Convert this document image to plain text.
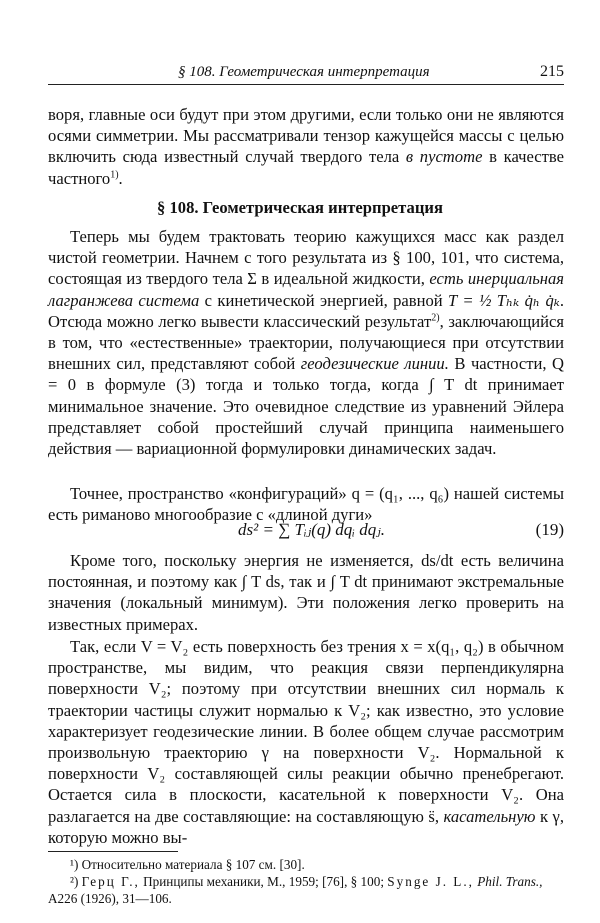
§ 108. Геометрическая интерпретация	215

воря, главные оси будут при этом другими, если только они не являются осями симметрии. Мы рассматривали тензор кажущейся массы с целью включить сюда известный случай твердого тела в пустоте в качестве частного$^{1)}$.

§ 108. Геометрическая интерпретация

Теперь мы будем трактовать теорию кажущихся масс как раздел чистой геометрии. Начнем с того результата из § 100, 101, что система, состоящая из твердого тела Σ в идеальной жидкости, есть инерциальная лагранжева система с кинетической энергией, равной T = ½ Tₕₖ q̇ₕ q̇ₖ. Отсюда можно легко вывести классический результат$^{2)}$, заключающийся в том, что «естественные» траектории, получающиеся при отсутствии внешних сил, представляют собой геодезические линии. В частности, Q = 0 в формуле (3) тогда и только тогда, когда ∫ T dt принимает минимальное значение. Это очевидное следствие из уравнений Эйлера представляет собой простейший случай принципа наименьшего действия — вариационной формулировки динамических задач.

Точнее, пространство «конфигураций» q = (q₁, ..., q₆) нашей системы есть риманово многообразие с «длиной дуги»

ds² = ∑ Tᵢⱼ(q) dqᵢ dqⱼ.	(19)

Кроме того, поскольку энергия не изменяется, ds/dt есть величина постоянная, и поэтому как ∫ T ds, так и ∫ T dt принимают экстремальные значения (локальный минимум). Эти положения легко проверить на известных примерах.

Так, если V = V₂ есть поверхность без трения x = x(q₁, q₂) в обычном пространстве, мы видим, что реакция связи перпендикулярна поверхности V₂; поэтому при отсутствии внешних сил нормаль к траектории частицы служит нормалью к V₂; как известно, это условие характеризует геодезические линии. В более общем случае рассмотрим произвольную траекторию γ на поверхности V₂. Нормальной к поверхности V₂ составляющей силы реакции обычно пренебрегают. Остается сила в плоскости, касательной к поверхности V₂. Она разлагается на две составляющие: на составляющую s̈, касательную к γ, которую можно вы-

¹) Относительно материала § 107 см. [30].

²) Герц Г., Принципы механики, М., 1959; [76], § 100; Synge J. L., Phil. Trans., A226 (1926), 31—106.
